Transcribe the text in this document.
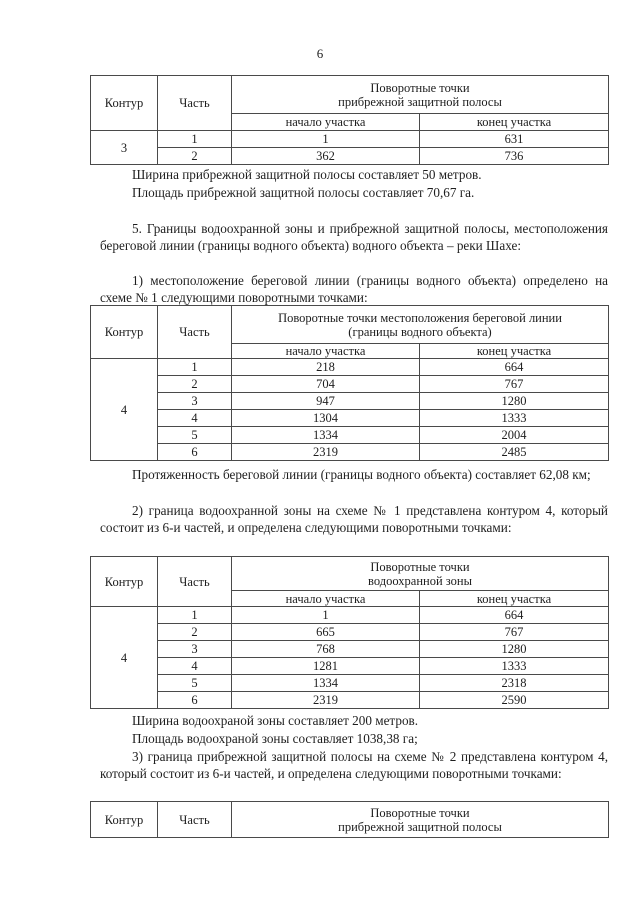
6
Контур	Часть	Поворотные точки
прибрежной защитной полосы	

		начало участка	конец участка
3	1	1	631
	2	362	736

Ширина прибрежной защитной полосы составляет 50 метров.

Площадь прибрежной защитной полосы составляет 70,67 га.

5. Границы водоохранной зоны и прибрежной защитной полосы, местоположения береговой линии (границы водного объекта) водного объекта – реки Шахе:

1) местоположение береговой линии (границы водного объекта) определено на схеме № 1 следующими поворотными точками:

Контур	Часть	Поворотные точки местоположения береговой линии
(границы водного объекта)	

		начало участка	конец участка
4	1	218	664
	2	704	767
	3	947	1280
	4	1304	1333
	5	1334	2004
	6	2319	2485

Протяженность береговой линии (границы водного объекта) составляет 62,08 км;

2) граница водоохранной зоны на схеме № 1 представлена контуром 4, который состоит из 6-и частей, и определена следующими поворотными точками:

Контур	Часть	Поворотные точки
водоохранной зоны	

		начало участка	конец участка
4	1	1	664
	2	665	767
	3	768	1280
	4	1281	1333
	5	1334	2318
	6	2319	2590

Ширина водоохраной зоны составляет 200 метров.

Площадь водоохраной зоны составляет 1038,38 га;

3) граница прибрежной защитной полосы на схеме № 2 представлена контуром 4, который состоит из 6-и частей, и определена следующими поворотными точками:

Контур	Часть	Поворотные точки
прибрежной защитной полосы
